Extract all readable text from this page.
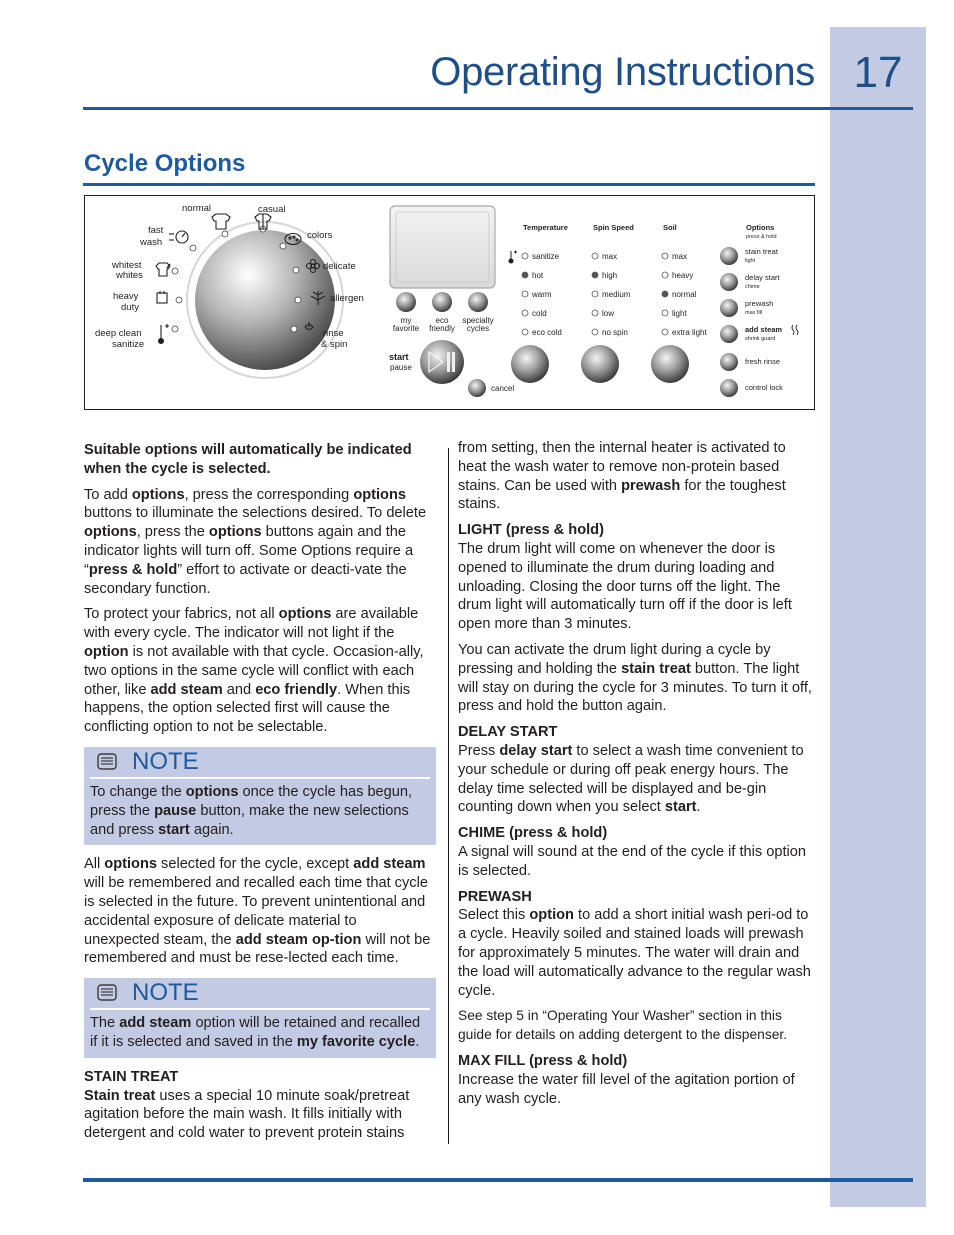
17
Operating Instructions
Cycle Options
normal	casual
fast
wash
colors
whitest
whites
delicate
heavy
duty
allergen
deep clean
sanitize
rinse
& spin
my
favorite
eco
friendly
specialty
cycles
start
pause
cancel
Temperature	Spin Speed	Soil	Options
press & hold
sanitize
hot
warm
cold
eco cold
max
high
medium
low
no spin
max
heavy
normal
light
extra light
stain treat
delay start
prewash
add steam
fresh rinse
control lock
light
chime
max fill
shrink guard

Suitable options will automatically be indicated when the cycle is selected.

To add options, press the corresponding options buttons to illuminate the selections desired. To delete options, press the options buttons again and the indicator lights will turn off. Some Options require a “press & hold” effort to activate or deacti-vate the secondary function.

To protect your fabrics, not all options are available with every cycle. The indicator will not light if the option is not available with that cycle. Occasion-ally, two options in the same cycle will conflict with each other, like add steam and eco friendly. When this happens, the option selected first will cause the conflicting option to not be selectable.

NOTE
To change the options once the cycle has begun, press the pause button, make the new selections and press start again.

All options selected for the cycle, except add steam will be remembered and recalled each time that cycle is selected in the future. To prevent unintentional and accidental exposure of delicate material to unexpected steam, the add steam op-tion will not be remembered and must be rese-lected each time.

NOTE
The add steam option will be retained and recalled if it is selected and saved in the my favorite cycle.
STAIN TREAT

Stain treat uses a special 10 minute soak/pretreat agitation before the main wash. It fills initially with detergent and cold water to prevent protein stains

from setting, then the internal heater is activated to heat the wash water to remove non-protein based stains. Can be used with prewash for the toughest stains.

LIGHT (press & hold)

The drum light will come on whenever the door is opened to illuminate the drum during loading and unloading. Closing the door turns off the light. The drum light will automatically turn off if the door is left open more than 3 minutes.

You can activate the drum light during a cycle by pressing and holding the stain treat button. The light will stay on during the cycle for 3 minutes. To turn it off, press and hold the button again.

DELAY START

Press delay start to select a wash time convenient to your schedule or during off peak energy hours. The delay time selected will be displayed and be-gin counting down when you select start.

CHIME (press & hold)

A signal will sound at the end of the cycle if this option is selected.

PREWASH

Select this option to add a short initial wash peri-od to a cycle. Heavily soiled and stained loads will prewash for approximately 5 minutes. The water will drain and the load will automatically advance to the regular wash cycle.

See step 5 in “Operating Your Washer” section in this guide for details on adding detergent to the dispenser.

MAX FILL (press & hold)

Increase the water fill level of the agitation portion of any wash cycle.
